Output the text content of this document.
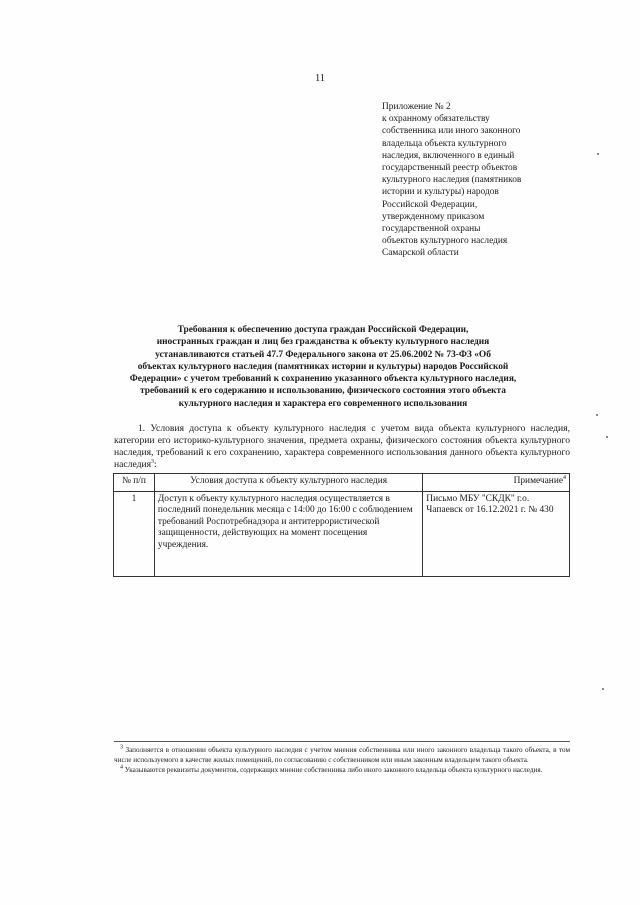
11
Приложение № 2
к охранному обязательству
собственника или иного законного
владельца объекта культурного
наследия, включенного в единый
государственный реестр объектов
культурного наследия (памятников
истории и культуры) народов
Российской Федерации,
утвержденному приказом
государственной охраны
объектов культурного наследия
Самарской области
Требования к обеспечению доступа граждан Российской Федерации,
иностранных граждан и лиц без гражданства к объекту культурного наследия
устанавливаются статьей 47.7 Федерального закона от 25.06.2002 № 73-ФЗ «Об
объектах культурного наследия (памятниках истории и культуры) народов Российской
Федерации» с учетом требований к сохранению указанного объекта культурного наследия,
требований к его содержанию и использованию, физического состояния этого объекта
культурного наследия и характера его современного использования
1. Условия доступа к объекту культурного наследия с учетом вида объекта культурного наследия, категории его историко-культурного значения, предмета охраны, физического состояния объекта культурного наследия, требований к его сохранению, характера современного использования данного объекта культурного наследия$^3$:
№ п/п	Условия доступа к объекту культурного наследия	Примечание$^4$
1	Доступ к объекту культурного наследия осуществляется в последний понедельник месяца с 14:00 до 16:00 с соблюдением требований Роспотребнадзора и антитеррористической защищенности, действующих на момент посещения учреждения.	Письмо МБУ "СКДК" г.о. Чапаевск от 16.12.2021 г. № 430

$^3$ Заполняется в отношении объекта культурного наследия с учетом мнения собственника или иного законного владельца такого объекта, в том числе используемого в качестве жилых помещений, по согласованию с собственником или иным законным владельцем такого объекта.

$^4$ Указываются реквизиты документов, содержащих мнение собственника либо иного законного владельца объекта культурного наследия.
